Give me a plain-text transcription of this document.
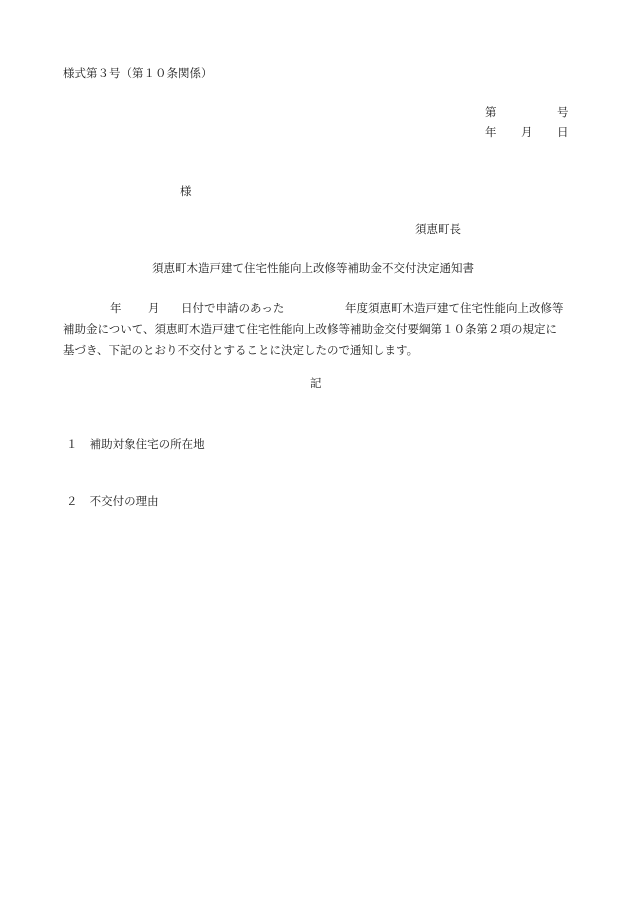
様式第３号（第１０条関係）
第	号
年 月 日
様
須恵町長
須恵町木造戸建て住宅性能向上改修等補助金不交付決定通知書
年 月 日付で申請のあった	年度須恵町木造戸建て住宅性能向上改修等
補助金について、須恵町木造戸建て住宅性能向上改修等補助金交付要綱第１０条第２項の規定に
基づき、下記のとおり不交付とすることに決定したので通知します。
記
１ 補助対象住宅の所在地
２ 不交付の理由
